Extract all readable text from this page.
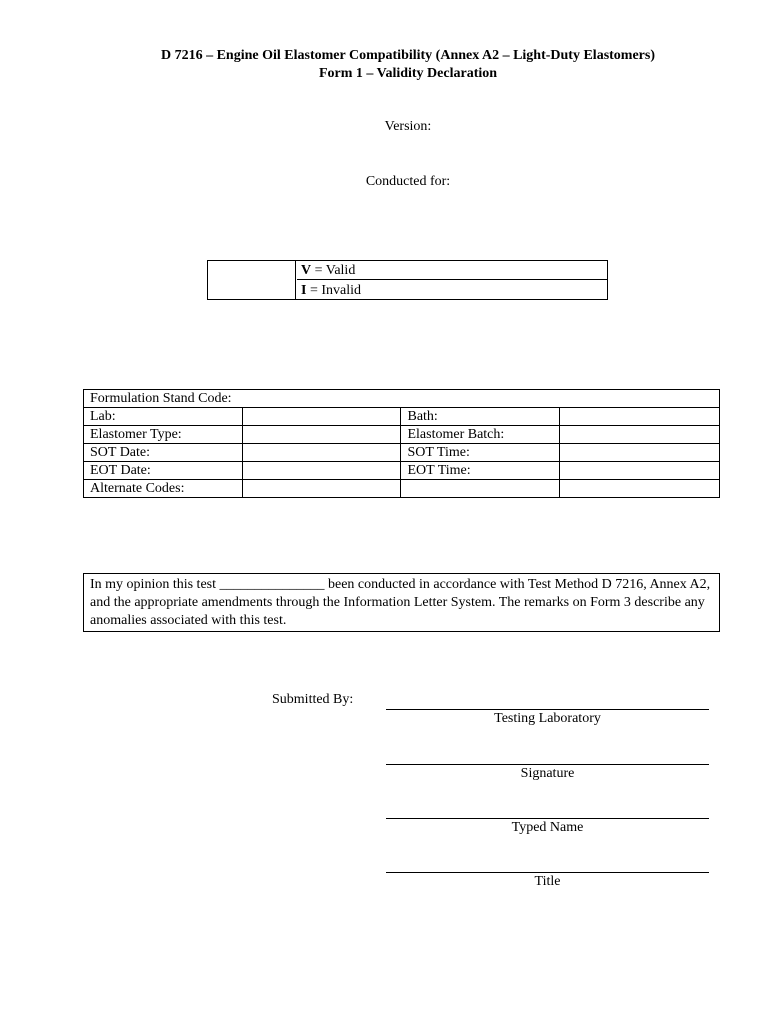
D 7216 – Engine Oil Elastomer Compatibility (Annex A2 – Light-Duty Elastomers)
Form 1 – Validity Declaration
Version:
Conducted for:
V = Valid
I = Invalid
Formulation Stand Code:			
Lab:		Bath:	
Elastomer Type:		Elastomer Batch:	
SOT Date:		SOT Time:	
EOT Date:		EOT Time:	
Alternate Codes:			
In my opinion this test _______________ been conducted in accordance with Test Method D 7216, Annex A2, and the appropriate amendments through the Information Letter System. The remarks on Form 3 describe any anomalies associated with this test.
Submitted By:
Testing Laboratory
Signature
Typed Name
Title
